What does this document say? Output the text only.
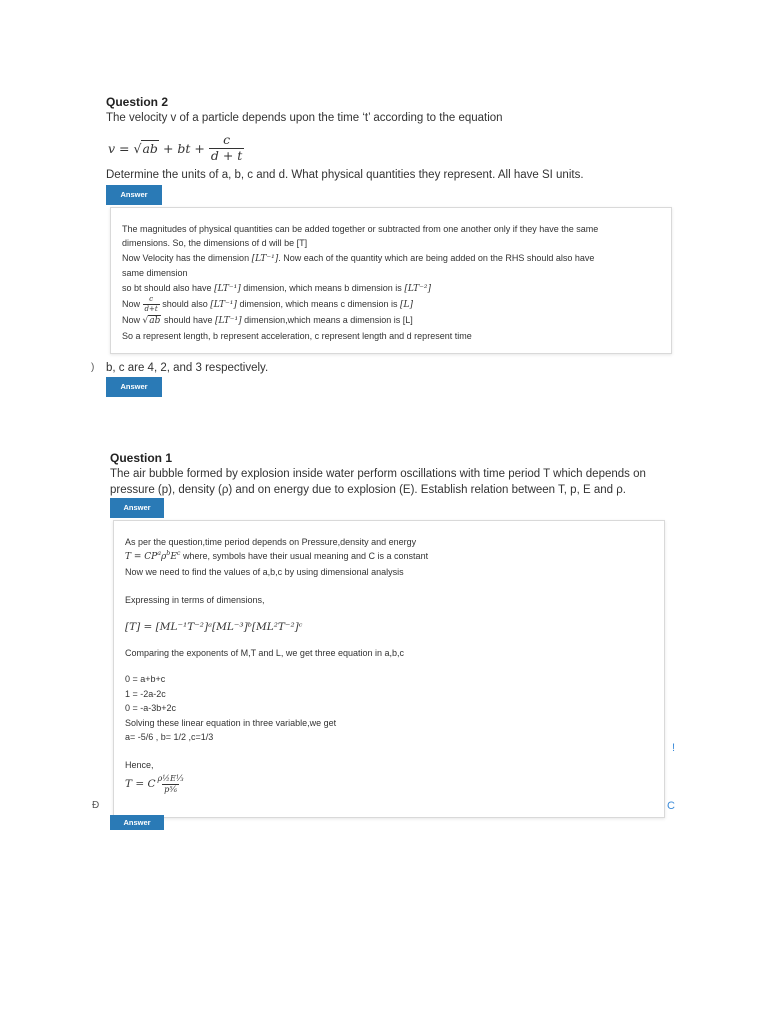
Question 2
The velocity v of a particle depends upon the time ‘t’ according to the equation
v = √ ab + bt + $\frac{c}{d + t}$
Determine the units of a, b, c and d. What physical quantities they represent. All have SI units.
Answer
The magnitudes of physical quantities can be added together or subtracted from one another only if they have the same
dimensions. So, the dimensions of d will be [T]
Now Velocity has the dimension [LT⁻¹]. Now each of the quantity which are being added on the RHS should also have
same dimension
so bt should also have [LT⁻¹] dimension, which means b dimension is [LT⁻²]
Now $\frac{c}{d+t}$ should also [LT⁻¹] dimension, which means c dimension is [L]
Now √ab should have [LT⁻¹] dimension,which means a dimension is [L]
So a represent length, b represent acceleration, c represent length and d represent time
) b, c are 4, 2, and 3 respectively.
Answer
Question 1
The air bubble formed by explosion inside water perform oscillations with time period T which depends on
pressure (p), density (ρ) and on energy due to explosion (E). Establish relation between T, p, E and ρ.
Answer
As per the question,time period depends on Pressure,density and energy
$T = CP^a\rho^bE^c$ where, symbols have their usual meaning and C is a constant
Now we need to find the values of a,b,c by using dimensional analysis
Expressing in terms of dimensions,
[T] = [ML⁻¹T⁻²]ᵃ[ML⁻³]ᵇ[ML²T⁻²]ᶜ
Comparing the exponents of M,T and L, we get three equation in a,b,c
0 = a+b+c
1 = -2a-2c
0 = -a-3b+2c
Solving these linear equation in three variable,we get
a= -5/6 , b= 1/2 ,c=1/3
Hence,
T = C $\frac{\text{ρ½E⅓}}{\text{p⅚}}$
Answer
Ð
!
C
